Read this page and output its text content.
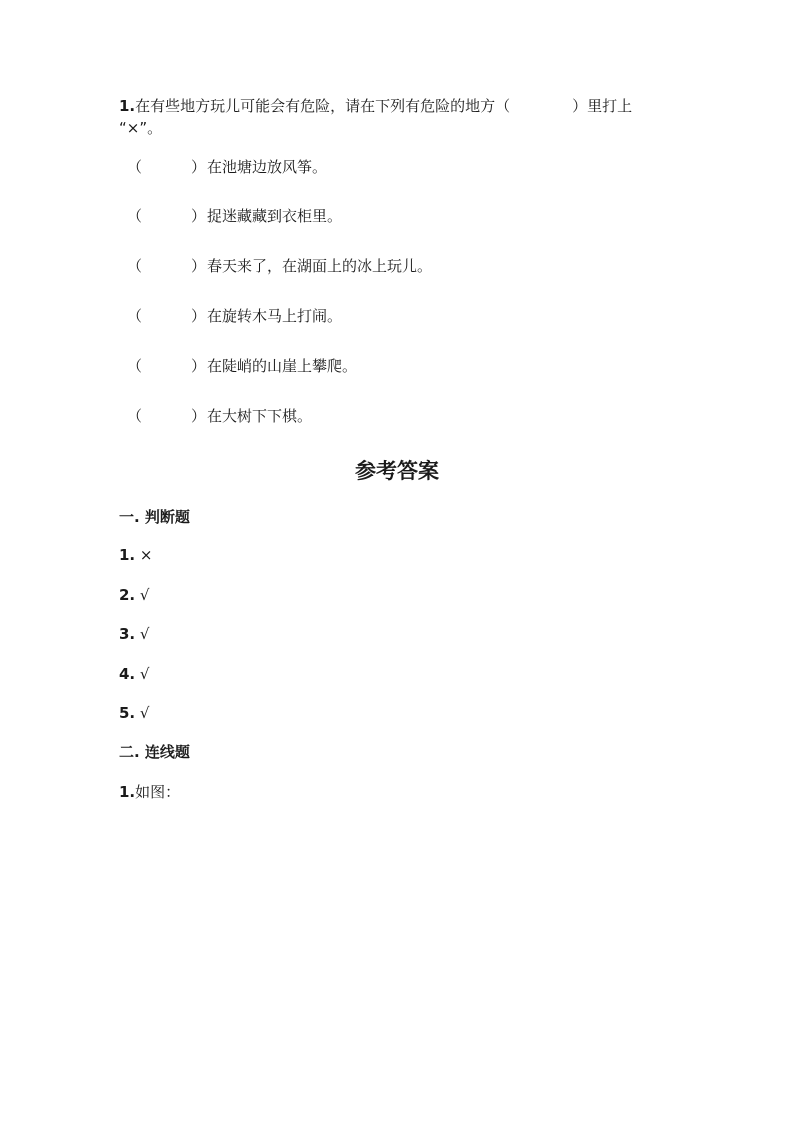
1.在有些地方玩儿可能会有危险，请在下列有危险的地方（	）里打上
“×”。
（	）在池塘边放风筝。
（	）捉迷藏藏到衣柜里。
（	）春天来了，在湖面上的冰上玩儿。
（	）在旋转木马上打闹。
（	）在陡峭的山崖上攀爬。
（	）在大树下下棋。
参考答案
一. 判断题
1. ×
2. √
3. √
4. √
5. √
二. 连线题
1.如图：
